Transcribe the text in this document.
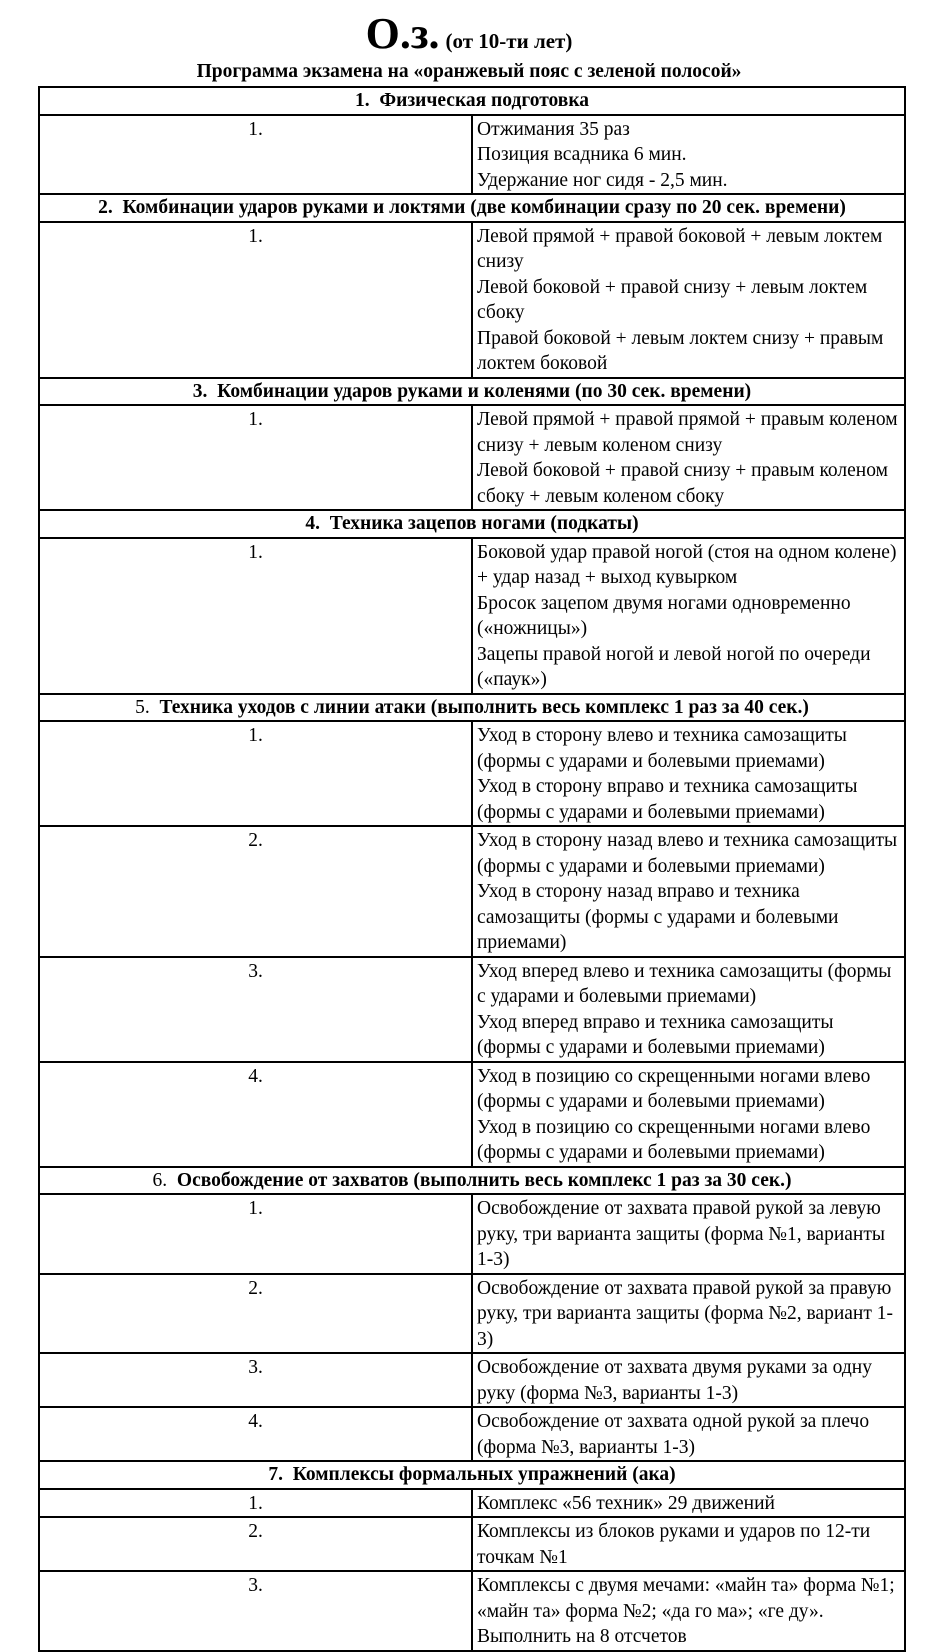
О.з. (от 10-ти лет)
Программа экзамена на «оранжевый пояс с зеленой полосой»
1. Физическая подготовка	
1.	Отжимания 35 раз
Позиция всадника 6 мин.
Удержание ног сидя - 2,5 мин.

2. Комбинации ударов руками и локтями (две комбинации сразу по 20 сек. времени)	
1.	Левой прямой + правой боковой + левым локтем снизу
Левой боковой + правой снизу + левым локтем сбоку
Правой боковой + левым локтем снизу + правым локтем боковой

3. Комбинации ударов руками и коленями (по 30 сек. времени)	
1.	Левой прямой + правой прямой + правым коленом снизу + левым коленом снизу
Левой боковой + правой снизу + правым коленом сбоку + левым коленом сбоку

4. Техника зацепов ногами (подкаты)	
1.	Боковой удар правой ногой (стоя на одном колене) + удар назад + выход кувырком
Бросок зацепом двумя ногами одновременно («ножницы»)
Зацепы правой ногой и левой ногой по очереди («паук»)

5. Техника уходов с линии атаки (выполнить весь комплекс 1 раз за 40 сек.)	
1.	Уход в сторону влево и техника самозащиты (формы с ударами и болевыми приемами)
Уход в сторону вправо и техника самозащиты (формы с ударами и болевыми приемами)

2.	Уход в сторону назад влево и техника самозащиты (формы с ударами и болевыми приемами)
Уход в сторону назад вправо и техника самозащиты (формы с ударами и болевыми приемами)

3.	Уход вперед влево и техника самозащиты (формы с ударами и болевыми приемами)
Уход вперед вправо и техника самозащиты (формы с ударами и болевыми приемами)

4.	Уход в позицию со скрещенными ногами влево (формы с ударами и болевыми приемами)
Уход в позицию со скрещенными ногами влево (формы с ударами и болевыми приемами)

6. Освобождение от захватов (выполнить весь комплекс 1 раз за 30 сек.)	
1.	Освобождение от захвата правой рукой за левую руку, три варианта защиты (форма №1, варианты 1-3)

2.	Освобождение от захвата правой рукой за правую руку, три варианта защиты (форма №2, вариант 1-3)

3.	Освобождение от захвата двумя руками за одну руку (форма №3, варианты 1-3)

4.	Освобождение от захвата одной рукой за плечо (форма №3, варианты 1-3)

7. Комплексы формальных упражнений (ака)	
1.	Комплекс «56 техник» 29 движений

2.	Комплексы из блоков руками и ударов по 12-ти точкам №1

3.	Комплексы с двумя мечами: «майн та» форма №1; «майн та» форма №2; «да го ма»; «ге ду». Выполнить на 8 отсчетов
